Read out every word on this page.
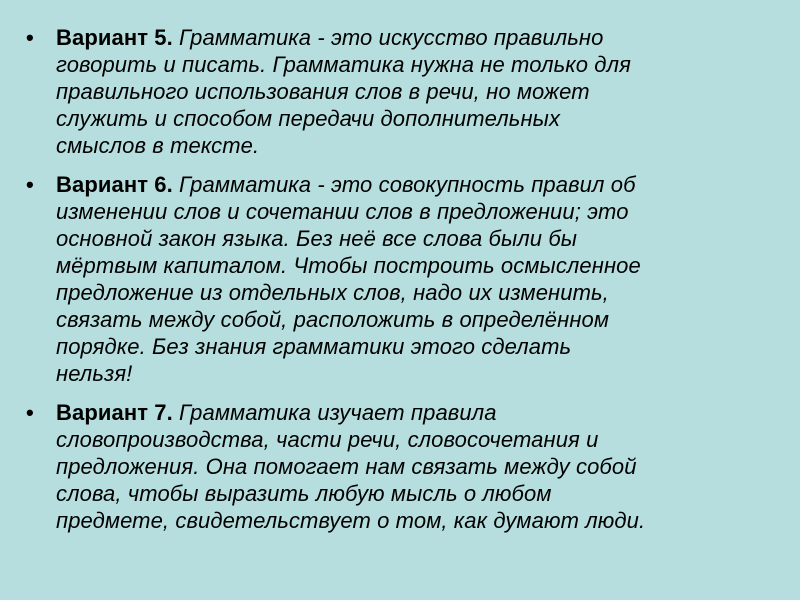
•	Вариант 5. Грамматика - это искусство правильно
говорить и писать. Грамматика нужна не только для
правильного использования слов в речи, но может
служить и способом передачи дополнительных
смыслов в тексте.
•	Вариант 6. Грамматика - это совокупность правил об
изменении слов и сочетании слов в предложении; это
основной закон языка. Без неё все слова были бы
мёртвым капиталом. Чтобы построить осмысленное
предложение из отдельных слов, надо их изменить,
связать между собой, расположить в определённом
порядке. Без знания грамматики этого сделать
нельзя!
•	Вариант 7. Грамматика изучает правила
словопроизводства, части речи, словосочетания и
предложения. Она помогает нам связать между собой
слова, чтобы выразить любую мысль о любом
предмете, свидетельствует о том, как думают люди.
